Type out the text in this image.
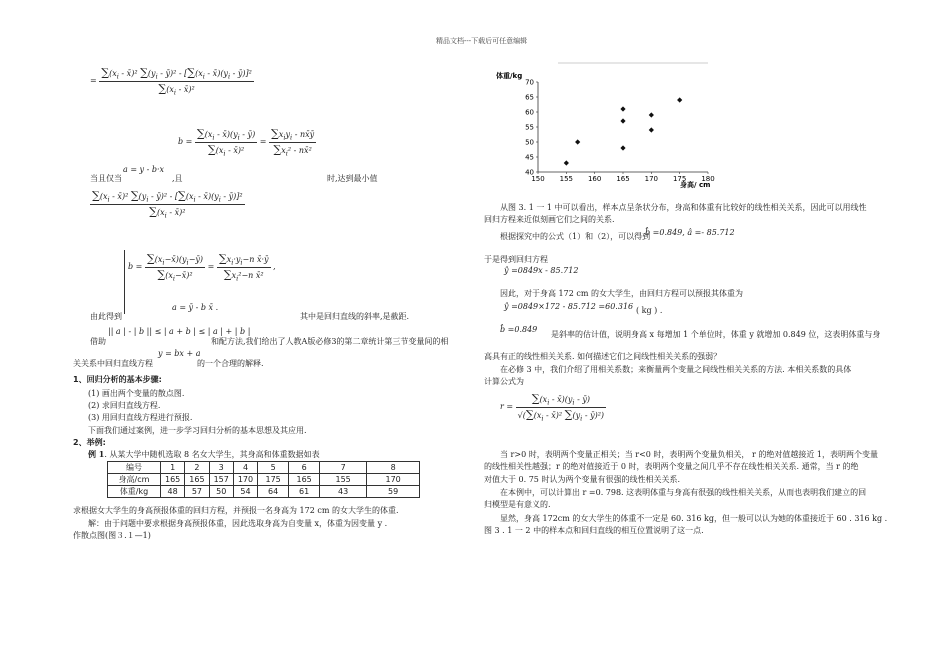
精品文档---下载后可任意编辑
= $\frac{\sum(x_i - x̄)^2 \sum(y_i - ȳ)^2 - [\sum(x_i - x̄)(y_i - ȳ)]^2}{\sum(x_i - x̄)^2}$
$b = \frac{\sum(x_i - x̄)(y_i - ȳ)}{\sum(x_i - x̄)^2} = \frac{\sum x_iy_i - nx̄ȳ}{\sum x_i^2 - nx̄^2}$
a = y - b·x
当且仅当	,且	时,达到最小值
$\frac{\sum(x_i - x̄)^2 \sum(y_i - ȳ)^2 - [\sum(x_i - x̄)(y_i - ȳ)]^2}{\sum(x_i - x̄)^2}$
$b = \frac{\sum(x_i-x̄)(y_i-ȳ)}{\sum(x_i-x̄)^2} = \frac{\sum x_i\cdot y_i-n x̄\cdot ȳ}{\sum x_i^2-n x̄^2}$ ,
a = ȳ - b x̄ .
由此得到	其中是回归直线的斜率,是截距.
借助
|| a | - | b || ≤ | a + b | ≤ | a | + | b |
和配方法,我们给出了人教A版必修3的第二章统计第三节变量间的相
关关系中回归直线方程
y = bx + a
的一个合理的解释.
1、回归分析的基本步骤:
(1) 画出两个变量的散点图.
(2) 求回归直线方程.
(3) 用回归直线方程进行预报.
下面我们通过案例，进一步学习回归分析的基本思想及其应用.
2、举例:
例 1. 从某大学中随机选取 8 名女大学生，其身高和体重数据如表
编号	1	2	3	4	5	6	7	8
身高/cm	165	165	157	170	175	165	155	170
体重/kg	48	57	50	54	64	61	43	59
求根据女大学生的身高预报体重的回归方程，并预报一名身高为 172 cm 的女大学生的体重.
解：由于问题中要求根据身高预报体重，因此选取身高为自变量 x，体重为因变量 y .
作散点图(图３.１—1)
体重/kg
身高/ cm
40
45
50
55
60
65
70
150 155 160 165 170 175 180
从图 3. 1 一 1 中可以看出，样本点呈条状分布，身高和体重有比较好的线性相关关系，因此可以用线性
回归方程来近似刻画它们之间的关系.
根据探究中的公式（1）和（2），可以得到
b̂ =0.849, â =- 85.712
于是得到回归方程
ŷ =0849x - 85.712
因此，对于身高 172 cm 的女大学生，由回归方程可以预报其体重为
ŷ =0849×172 - 85.712 =60.316 ( kg ) .
b̂ =0.849
是斜率的估计值，说明身高 x 每增加 1 个单位时，体重 y 就增加 0.849 位，这表明体重与身
高具有正的线性相关关系. 如何描述它们之间线性相关关系的强弱？
在必修 3 中，我们介绍了用相关系数；来衡量两个变量之间线性相关关系的方法. 本相关系数的具体
计算公式为
$r = \frac{\sum(x_i - x̄)(y_i - ȳ)}{√(\sum(x_i - x̄)^2 \sum(y_i - ȳ)^2)}$
当 r>0 时，表明两个变量正相关；当 r<0 时，表明两个变量负相关， r 的绝对值越接近 1，表明两个变量
的线性相关性越强；r 的绝对值接近于 0 时，表明两个变量之间几乎不存在线性相关关系. 通常，当 r 的绝
对值大于 0. 75 时认为两个变量有很强的线性相关关系.
在本例中，可以计算出 r =0. 798. 这表明体重与身高有很强的线性相关关系，从而也表明我们建立的回
归模型是有意义的.
显然，身高 172cm 的女大学生的体重不一定是 60. 316 kg，但一般可以认为她的体重接近于 60 . 316 kg .
图 3 . 1 一 2 中的样本点和回归直线的相互位置说明了这一点.
